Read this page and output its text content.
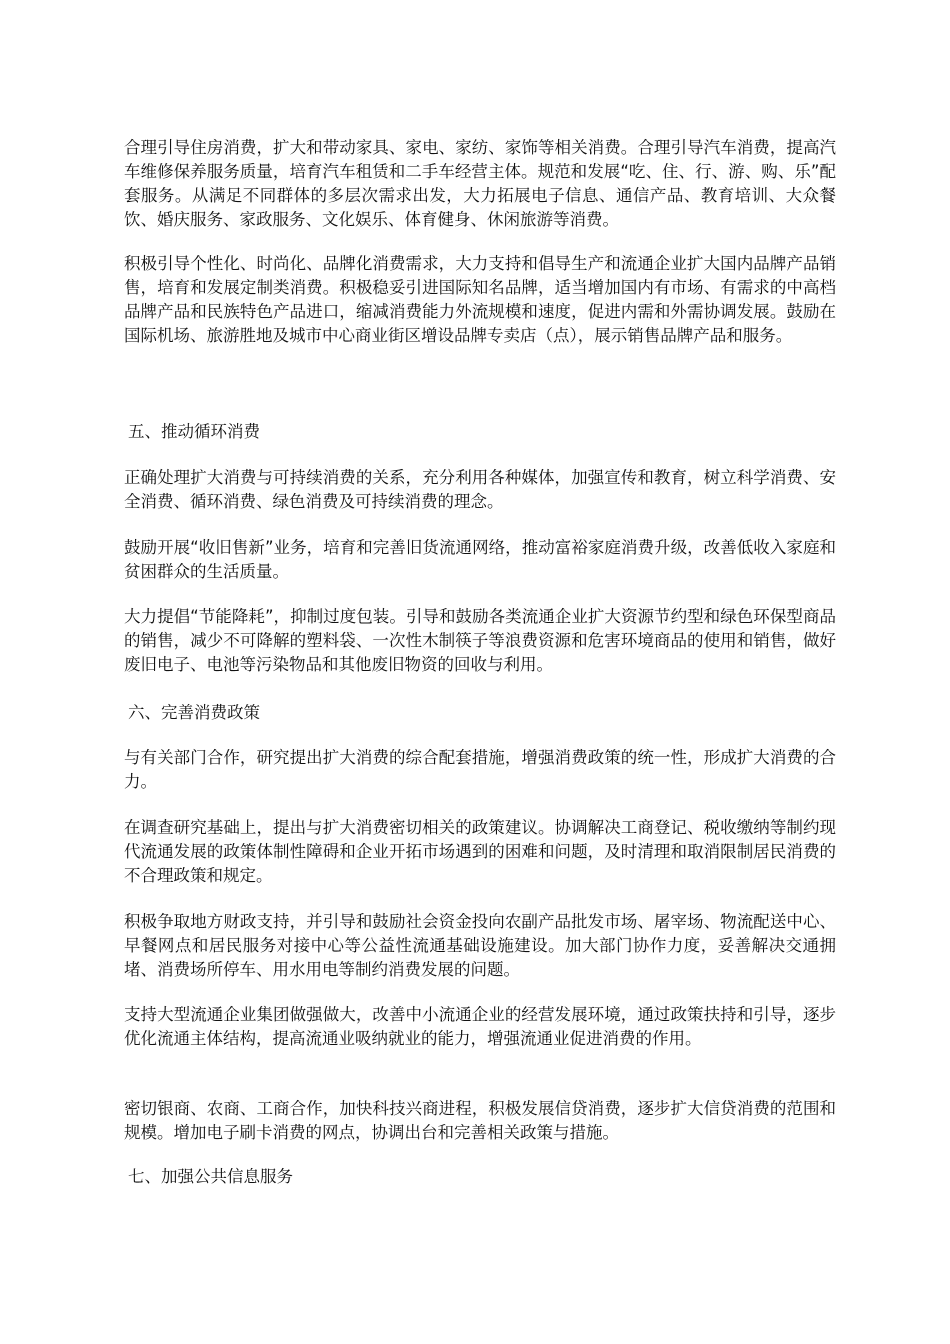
合理引导住房消费，扩大和带动家具、家电、家纺、家饰等相关消费。合理引导汽车消费，提高汽车维修保养服务质量，培育汽车租赁和二手车经营主体。规范和发展“吃、住、行、游、购、乐”配套服务。从满足不同群体的多层次需求出发，大力拓展电子信息、通信产品、教育培训、大众餐饮、婚庆服务、家政服务、文化娱乐、体育健身、休闲旅游等消费。

积极引导个性化、时尚化、品牌化消费需求，大力支持和倡导生产和流通企业扩大国内品牌产品销售，培育和发展定制类消费。积极稳妥引进国际知名品牌，适当增加国内有市场、有需求的中高档品牌产品和民族特色产品进口，缩减消费能力外流规模和速度，促进内需和外需协调发展。鼓励在国际机场、旅游胜地及城市中心商业街区增设品牌专卖店（点），展示销售品牌产品和服务。

五、推动循环消费

正确处理扩大消费与可持续消费的关系，充分利用各种媒体，加强宣传和教育，树立科学消费、安全消费、循环消费、绿色消费及可持续消费的理念。

鼓励开展“收旧售新”业务，培育和完善旧货流通网络，推动富裕家庭消费升级，改善低收入家庭和贫困群众的生活质量。

大力提倡“节能降耗”，抑制过度包装。引导和鼓励各类流通企业扩大资源节约型和绿色环保型商品的销售，减少不可降解的塑料袋、一次性木制筷子等浪费资源和危害环境商品的使用和销售，做好废旧电子、电池等污染物品和其他废旧物资的回收与利用。

六、完善消费政策

与有关部门合作，研究提出扩大消费的综合配套措施，增强消费政策的统一性，形成扩大消费的合力。

在调查研究基础上，提出与扩大消费密切相关的政策建议。协调解决工商登记、税收缴纳等制约现代流通发展的政策体制性障碍和企业开拓市场遇到的困难和问题，及时清理和取消限制居民消费的不合理政策和规定。

积极争取地方财政支持，并引导和鼓励社会资金投向农副产品批发市场、屠宰场、物流配送中心、早餐网点和居民服务对接中心等公益性流通基础设施建设。加大部门协作力度，妥善解决交通拥堵、消费场所停车、用水用电等制约消费发展的问题。

支持大型流通企业集团做强做大，改善中小流通企业的经营发展环境，通过政策扶持和引导，逐步优化流通主体结构，提高流通业吸纳就业的能力，增强流通业促进消费的作用。

密切银商、农商、工商合作，加快科技兴商进程，积极发展信贷消费，逐步扩大信贷消费的范围和规模。增加电子刷卡消费的网点，协调出台和完善相关政策与措施。

七、加强公共信息服务
